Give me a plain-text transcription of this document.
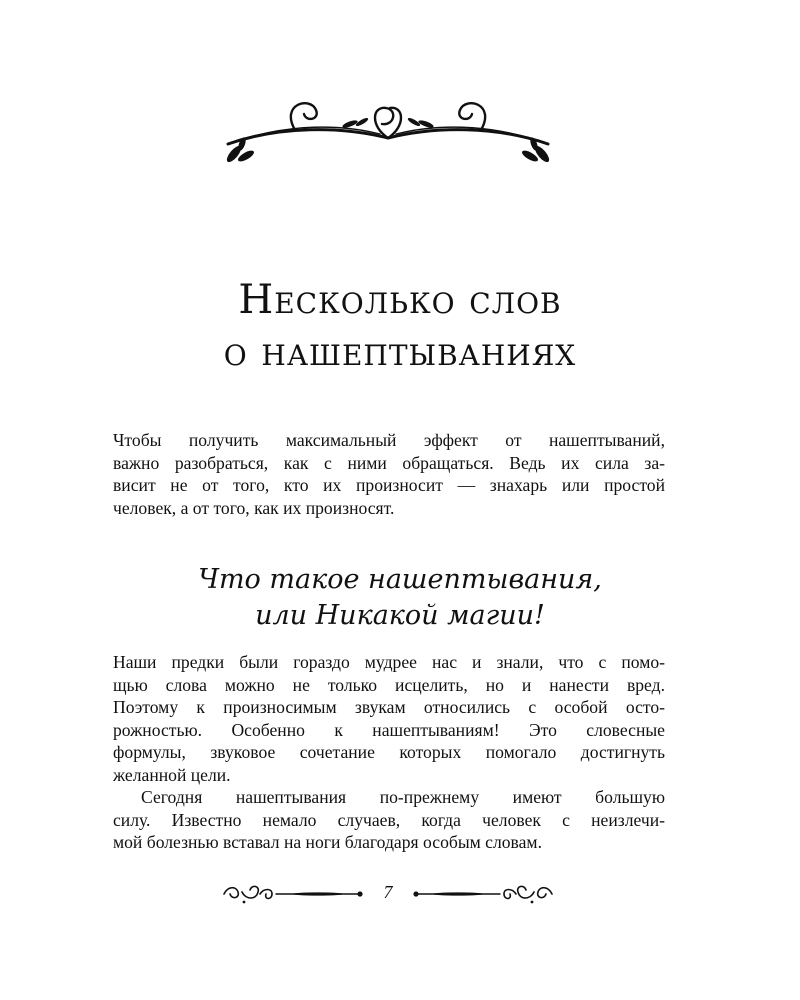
Несколько слов
о нашептываниях

Чтобы получить максимальный эффект от нашептываний,
важно разобраться, как с ними обращаться. Ведь их сила за-
висит не от того, кто их произносит — знахарь или простой
человек, а от того, как их произносят.

Что такое нашептывания,
или Никакой магии!

Наши предки были гораздо мудрее нас и знали, что с помо-
щью слова можно не только исцелить, но и нанести вред.
Поэтому к произносимым звукам относились с особой осто-
рожностью. Особенно к нашептываниям! Это словесные
формулы, звуковое сочетание которых помогало достигнуть
желанной цели.

Сегодня нашептывания по-прежнему имеют большую
силу. Известно немало случаев, когда человек с неизлечи-
мой болезнью вставал на ноги благодаря особым словам.

7
